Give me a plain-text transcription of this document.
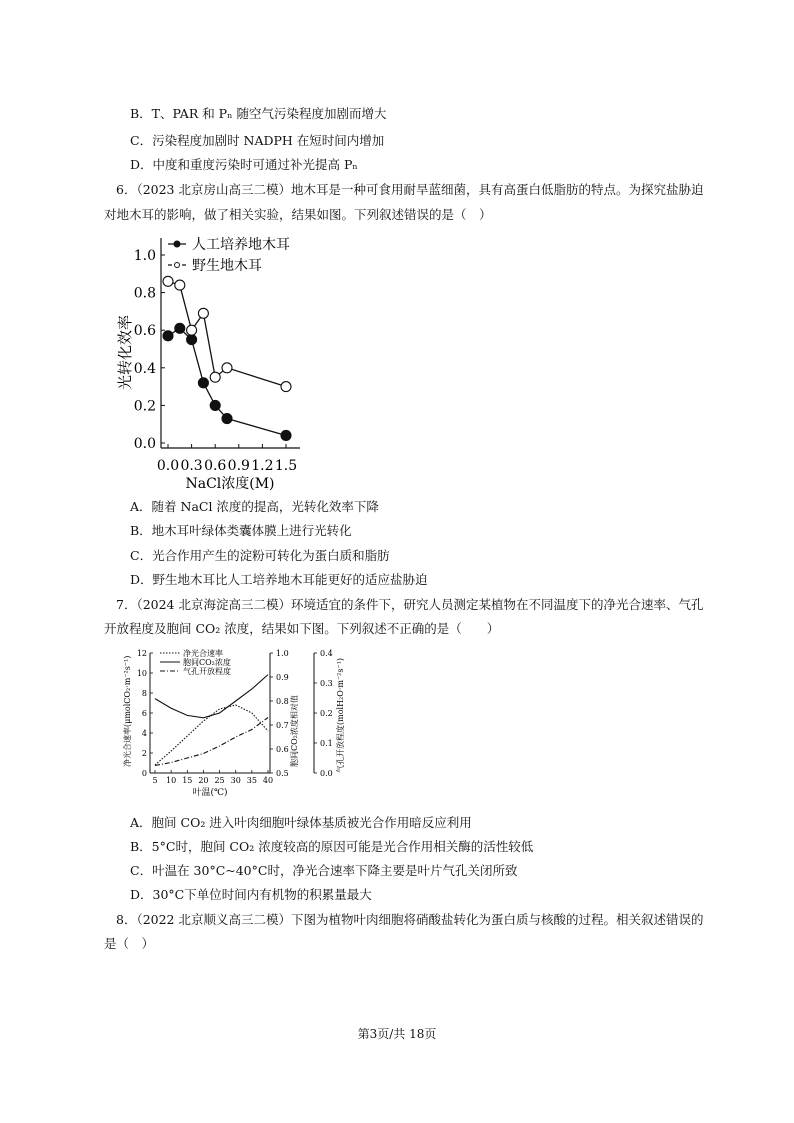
B．T、PAR 和 Pₙ 随空气污染程度加剧而增大
C．污染程度加剧时 NADPH 在短时间内增加
D．中度和重度污染时可通过补光提高 Pₙ
6．（2023 北京房山高三二模）地木耳是一种可食用耐旱蓝细菌，具有高蛋白低脂肪的特点。为探究盐胁迫
对地木耳的影响，做了相关实验，结果如图。下列叙述错误的是（　）
0.0
0.2
0.4
0.6
0.8
1.0
0.0 0.3 0.6 0.9 1.2 1.5
人工培养地木耳
野生地木耳
光转化效率
NaCl浓度(M)
A．随着 NaCl 浓度的提高，光转化效率下降
B．地木耳叶绿体类囊体膜上进行光转化
C．光合作用产生的淀粉可转化为蛋白质和脂肪
D．野生地木耳比人工培养地木耳能更好的适应盐胁迫
7．（2024 北京海淀高三二模）环境适宜的条件下，研究人员测定某植物在不同温度下的净光合速率、气孔
开放程度及胞间 CO₂ 浓度，结果如下图。下列叙述不正确的是（　　）
0
2
4
6
8
10
12
0.5
0.6
0.7
0.8
0.9
1.0
0.0
0.1
0.2
0.3
0.4
5 10 15 20 25 30 35 40
净光合速率
胞间CO₂浓度
气孔开放程度
净光合速率(μmolCO₂·m⁻²s⁻¹)	胞间CO₂浓度相对值	气孔开放程度(molH₂O·m⁻²s⁻¹)
叶温(℃)
A．胞间 CO₂ 进入叶肉细胞叶绿体基质被光合作用暗反应利用
B．5°C时，胞间 CO₂ 浓度较高的原因可能是光合作用相关酶的活性较低
C．叶温在 30°C~40°C时，净光合速率下降主要是叶片气孔关闭所致
D．30°C下单位时间内有机物的积累量最大
8．（2022 北京顺义高三二模）下图为植物叶肉细胞将硝酸盐转化为蛋白质与核酸的过程。相关叙述错误的
是（　）
第3页/共 18页
